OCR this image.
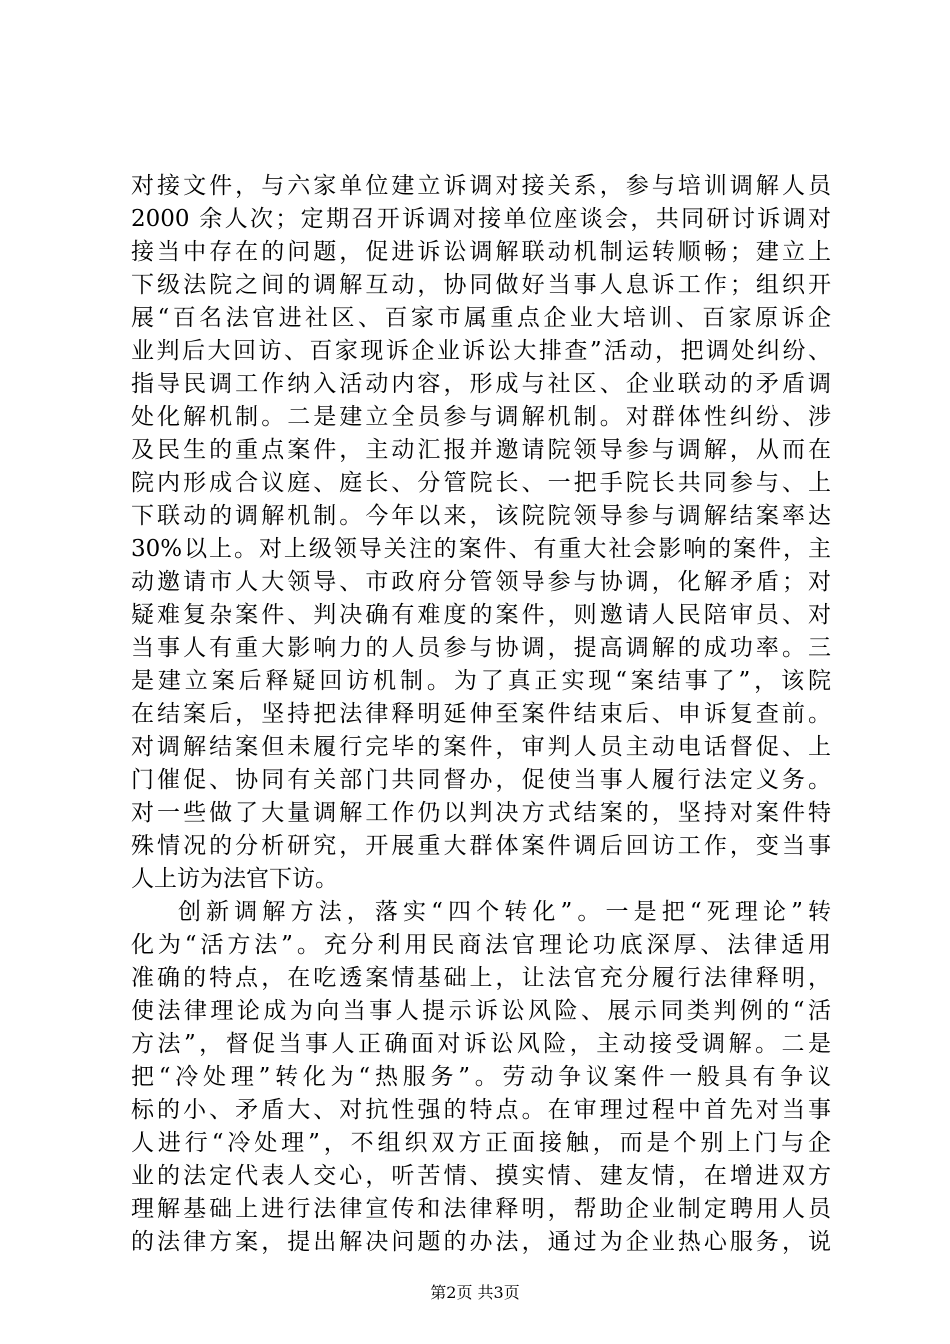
对接文件，与六家单位建立诉调对接关系，参与培训调解人员
2000 余人次；定期召开诉调对接单位座谈会，共同研讨诉调对
接当中存在的问题，促进诉讼调解联动机制运转顺畅；建立上
下级法院之间的调解互动，协同做好当事人息诉工作；组织开
展“百名法官进社区、百家市属重点企业大培训、百家原诉企
业判后大回访、百家现诉企业诉讼大排查”活动，把调处纠纷、
指导民调工作纳入活动内容，形成与社区、企业联动的矛盾调
处化解机制。二是建立全员参与调解机制。对群体性纠纷、涉
及民生的重点案件，主动汇报并邀请院领导参与调解，从而在
院内形成合议庭、庭长、分管院长、一把手院长共同参与、上
下联动的调解机制。今年以来，该院院领导参与调解结案率达
30%以上。对上级领导关注的案件、有重大社会影响的案件，主
动邀请市人大领导、市政府分管领导参与协调，化解矛盾；对
疑难复杂案件、判决确有难度的案件，则邀请人民陪审员、对
当事人有重大影响力的人员参与协调，提高调解的成功率。三
是建立案后释疑回访机制。为了真正实现“案结事了”，该院
在结案后，坚持把法律释明延伸至案件结束后、申诉复查前。
对调解结案但未履行完毕的案件，审判人员主动电话督促、上
门催促、协同有关部门共同督办，促使当事人履行法定义务。
对一些做了大量调解工作仍以判决方式结案的，坚持对案件特
殊情况的分析研究，开展重大群体案件调后回访工作，变当事
人上访为法官下访。
创新调解方法，落实“四个转化”。一是把“死理论”转
化为“活方法”。充分利用民商法官理论功底深厚、法律适用
准确的特点，在吃透案情基础上，让法官充分履行法律释明，
使法律理论成为向当事人提示诉讼风险、展示同类判例的“活
方法”，督促当事人正确面对诉讼风险，主动接受调解。二是
把“冷处理”转化为“热服务”。劳动争议案件一般具有争议
标的小、矛盾大、对抗性强的特点。在审理过程中首先对当事
人进行“冷处理”，不组织双方正面接触，而是个别上门与企
业的法定代表人交心，听苦情、摸实情、建友情，在增进双方
理解基础上进行法律宣传和法律释明，帮助企业制定聘用人员
的法律方案，提出解决问题的办法，通过为企业热心服务，说
第2页 共3页
